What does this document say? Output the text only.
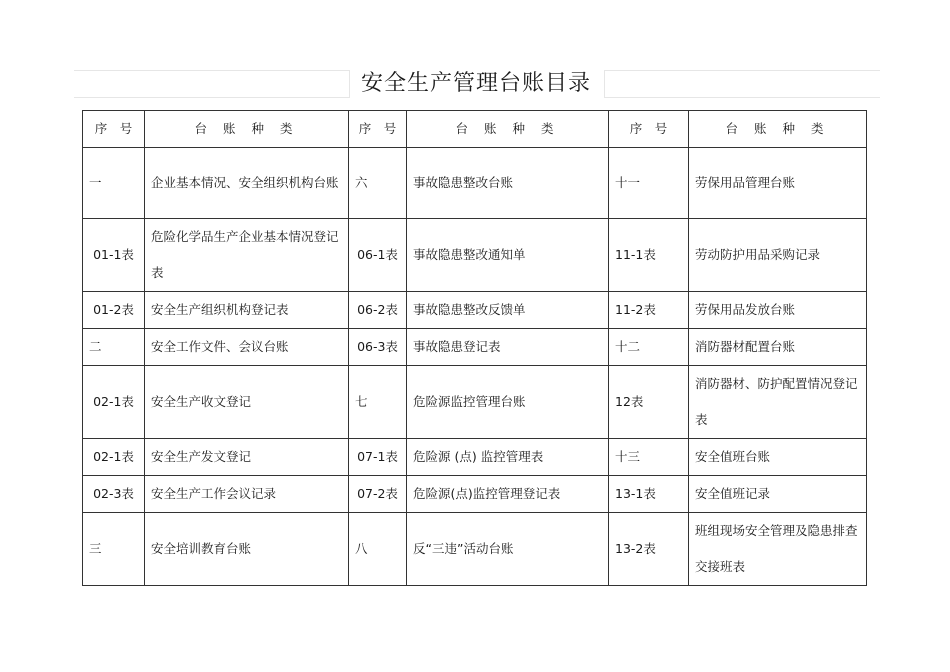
安全生产管理台账目录
序　号	台 账 种 类	序　号	台 账 种 类	序　号	台 账 种 类
一	企业基本情况、安全组织机构台账	六	事故隐患整改台账	十一	劳保用品管理台账
01-1表	危险化学品生产企业基本情况登记表	06-1表	事故隐患整改通知单	11-1表	劳动防护用品采购记录
01-2表	安全生产组织机构登记表	06-2表	事故隐患整改反馈单	11-2表	劳保用品发放台账
二	安全工作文件、会议台账	06-3表	事故隐患登记表	十二	消防器材配置台账
02-1表	安全生产收文登记	七	危险源监控管理台账	12表	消防器材、防护配置情况登记表
02-1表	安全生产发文登记	07-1表	危险源 (点) 监控管理表	十三	安全值班台账
02-3表	安全生产工作会议记录	07-2表	危险源(点)监控管理登记表	13-1表	安全值班记录
三	安全培训教育台账	八	反“三违”活动台账	13-2表	班组现场安全管理及隐患排查交接班表
